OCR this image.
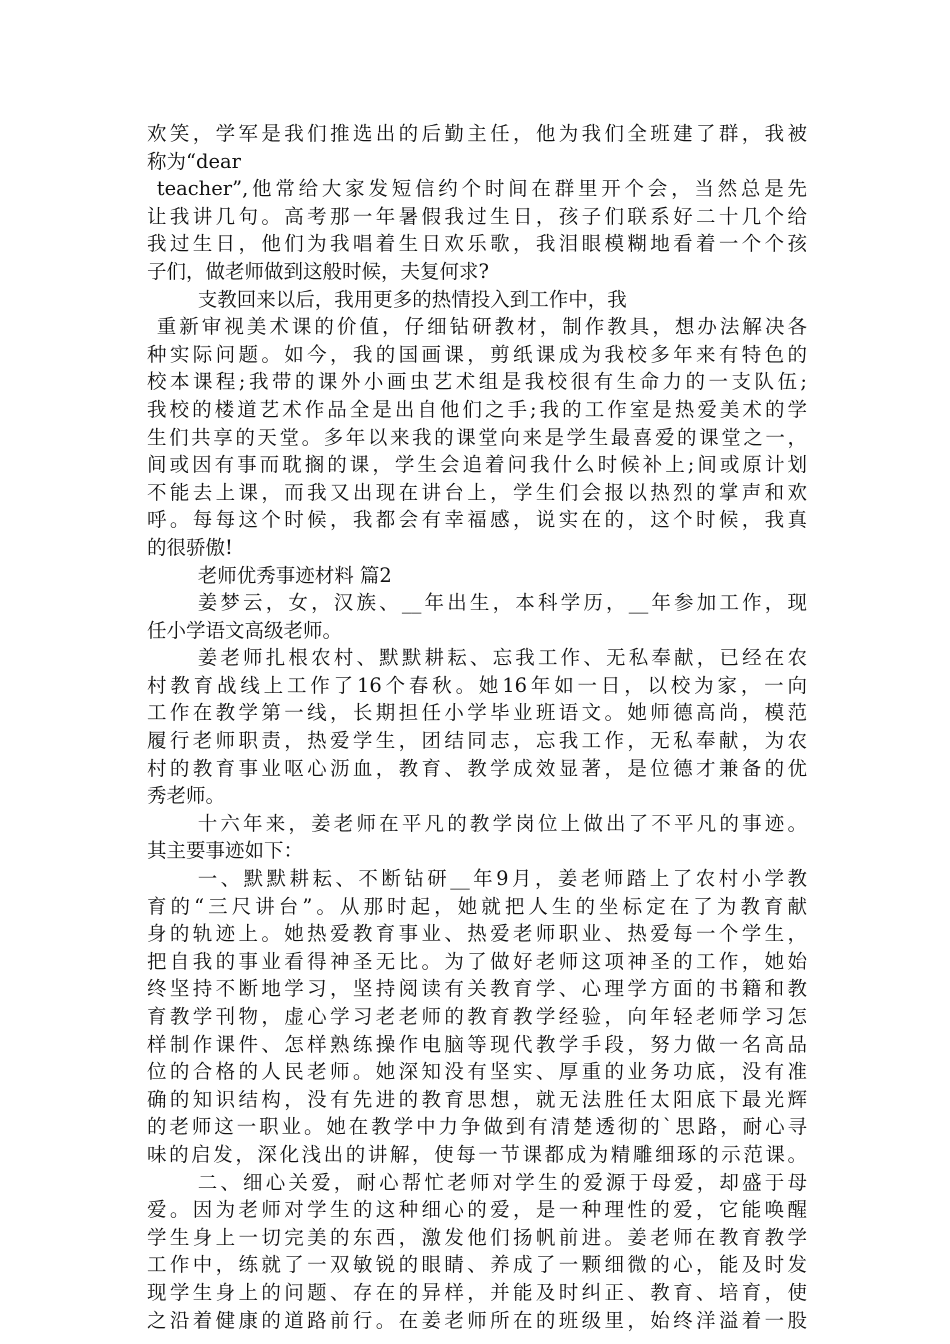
欢笑，学军是我们推选出的后勤主任，他为我们全班建了群，我被
称为“dear
teacher”,他常给大家发短信约个时间在群里开个会，当然总是先
让我讲几句。高考那一年暑假我过生日，孩子们联系好二十几个给
我过生日，他们为我唱着生日欢乐歌，我泪眼模糊地看着一个个孩
子们，做老师做到这般时候，夫复何求?
支教回来以后，我用更多的热情投入到工作中，我
重新审视美术课的价值，仔细钻研教材，制作教具，想办法解决各
种实际问题。如今，我的国画课，剪纸课成为我校多年来有特色的
校本课程;我带的课外小画虫艺术组是我校很有生命力的一支队伍;
我校的楼道艺术作品全是出自他们之手;我的工作室是热爱美术的学
生们共享的天堂。多年以来我的课堂向来是学生最喜爱的课堂之一，
间或因有事而耽搁的课，学生会追着问我什么时候补上;间或原计划
不能去上课，而我又出现在讲台上，学生们会报以热烈的掌声和欢
呼。每每这个时候，我都会有幸福感，说实在的，这个时候，我真
的很骄傲!
老师优秀事迹材料 篇2
姜梦云，女，汉族、__年出生，本科学历，__年参加工作，现
任小学语文高级老师。
姜老师扎根农村、默默耕耘、忘我工作、无私奉献，已经在农
村教育战线上工作了16个春秋。她16年如一日，以校为家，一向
工作在教学第一线，长期担任小学毕业班语文。她师德高尚，模范
履行老师职责，热爱学生，团结同志，忘我工作，无私奉献，为农
村的教育事业呕心沥血，教育、教学成效显著，是位德才兼备的优
秀老师。
十六年来，姜老师在平凡的教学岗位上做出了不平凡的事迹。
其主要事迹如下：
一、默默耕耘、不断钻研__年9月，姜老师踏上了农村小学教
育的“三尺讲台”。从那时起，她就把人生的坐标定在了为教育献
身的轨迹上。她热爱教育事业、热爱老师职业、热爱每一个学生，
把自我的事业看得神圣无比。为了做好老师这项神圣的工作，她始
终坚持不断地学习，坚持阅读有关教育学、心理学方面的书籍和教
育教学刊物，虚心学习老老师的教育教学经验，向年轻老师学习怎
样制作课件、怎样熟练操作电脑等现代教学手段，努力做一名高品
位的合格的人民老师。她深知没有坚实、厚重的业务功底，没有准
确的知识结构，没有先进的教育思想，就无法胜任太阳底下最光辉
的老师这一职业。她在教学中力争做到有清楚透彻的`思路，耐心寻
味的启发，深化浅出的讲解，使每一节课都成为精雕细琢的示范课。
二、细心关爱，耐心帮忙老师对学生的爱源于母爱，却盛于母
爱。因为老师对学生的这种细心的爱，是一种理性的爱，它能唤醒
学生身上一切完美的东西，激发他们扬帆前进。姜老师在教育教学
工作中，练就了一双敏锐的眼睛、养成了一颗细微的心，能及时发
现学生身上的问题、存在的异样，并能及时纠正、教育、培育，使
之沿着健康的道路前行。在姜老师所在的班级里，始终洋溢着一股
